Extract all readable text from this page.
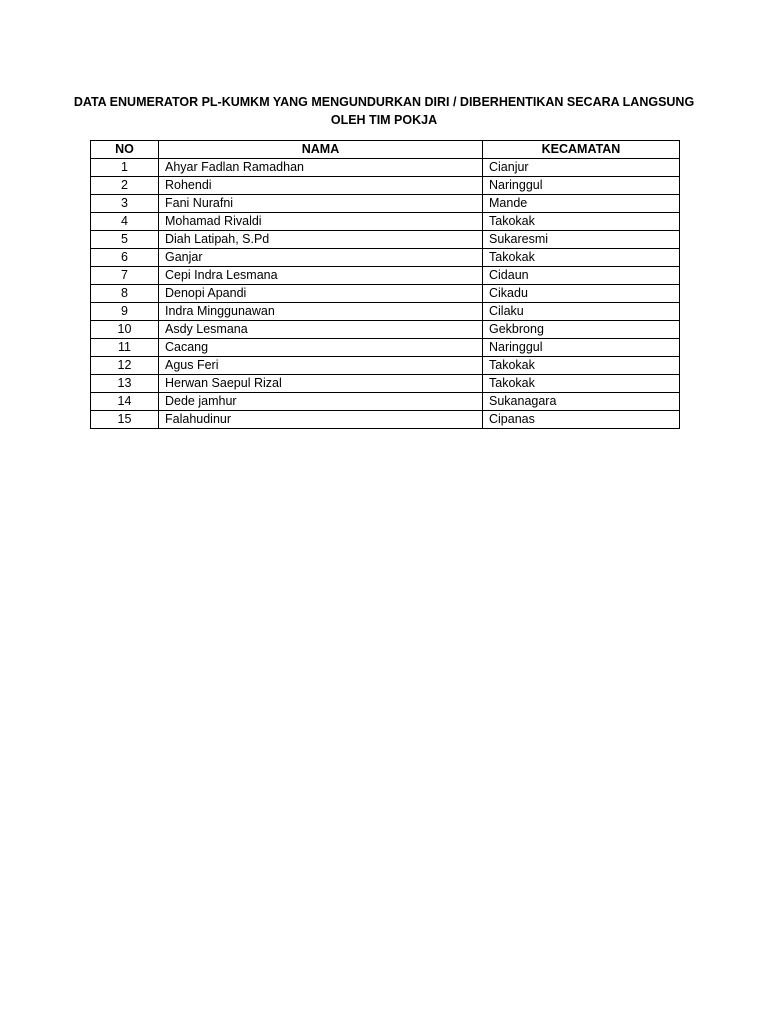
DATA ENUMERATOR PL-KUMKM YANG MENGUNDURKAN DIRI / DIBERHENTIKAN SECARA LANGSUNG
OLEH TIM POKJA
NO	NAMA	KECAMATAN
1	Ahyar Fadlan Ramadhan	Cianjur
2	Rohendi	Naringgul
3	Fani Nurafni	Mande
4	Mohamad Rivaldi	Takokak
5	Diah Latipah, S.Pd	Sukaresmi
6	Ganjar	Takokak
7	Cepi Indra Lesmana	Cidaun
8	Denopi Apandi	Cikadu
9	Indra Minggunawan	Cilaku
10	Asdy Lesmana	Gekbrong
11	Cacang	Naringgul
12	Agus Feri	Takokak
13	Herwan Saepul Rizal	Takokak
14	Dede jamhur	Sukanagara
15	Falahudinur	Cipanas
